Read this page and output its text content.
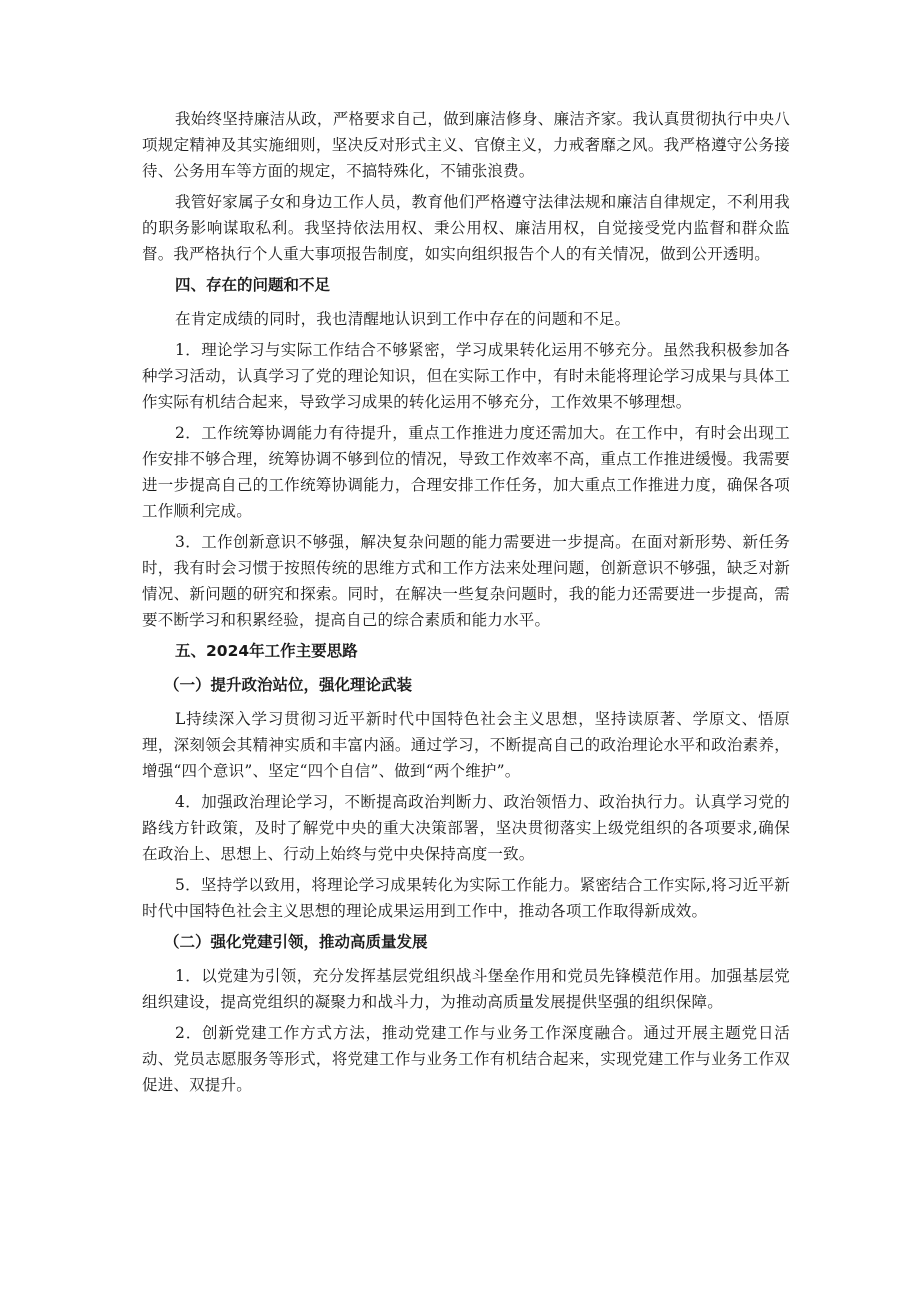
我始终坚持廉洁从政，严格要求自己，做到廉洁修身、廉洁齐家。我认真贯彻执行中央八项规定精神及其实施细则，坚决反对形式主义、官僚主义，力戒奢靡之风。我严格遵守公务接待、公务用车等方面的规定，不搞特殊化，不铺张浪费。

我管好家属子女和身边工作人员，教育他们严格遵守法律法规和廉洁自律规定，不利用我的职务影响谋取私利。我坚持依法用权、秉公用权、廉洁用权，自觉接受党内监督和群众监督。我严格执行个人重大事项报告制度，如实向组织报告个人的有关情况，做到公开透明。

四、存在的问题和不足

在肯定成绩的同时，我也清醒地认识到工作中存在的问题和不足。

1．理论学习与实际工作结合不够紧密，学习成果转化运用不够充分。虽然我积极参加各种学习活动，认真学习了党的理论知识，但在实际工作中，有时未能将理论学习成果与具体工作实际有机结合起来，导致学习成果的转化运用不够充分，工作效果不够理想。

2．工作统筹协调能力有待提升，重点工作推进力度还需加大。在工作中，有时会出现工作安排不够合理，统筹协调不够到位的情况，导致工作效率不高，重点工作推进缓慢。我需要进一步提高自己的工作统筹协调能力，合理安排工作任务，加大重点工作推进力度，确保各项工作顺利完成。

3．工作创新意识不够强，解决复杂问题的能力需要进一步提高。在面对新形势、新任务时，我有时会习惯于按照传统的思维方式和工作方法来处理问题，创新意识不够强，缺乏对新情况、新问题的研究和探索。同时，在解决一些复杂问题时，我的能力还需要进一步提高，需要不断学习和积累经验，提高自己的综合素质和能力水平。

五、2024年工作主要思路

（一）提升政治站位，强化理论武装

L持续深入学习贯彻习近平新时代中国特色社会主义思想，坚持读原著、学原文、悟原理，深刻领会其精神实质和丰富内涵。通过学习，不断提高自己的政治理论水平和政治素养，增强“四个意识”、坚定“四个自信”、做到“两个维护”。

4．加强政治理论学习，不断提高政治判断力、政治领悟力、政治执行力。认真学习党的路线方针政策，及时了解党中央的重大决策部署，坚决贯彻落实上级党组织的各项要求,确保在政治上、思想上、行动上始终与党中央保持高度一致。

5．坚持学以致用，将理论学习成果转化为实际工作能力。紧密结合工作实际,将习近平新时代中国特色社会主义思想的理论成果运用到工作中，推动各项工作取得新成效。

（二）强化党建引领，推动高质量发展

1．以党建为引领，充分发挥基层党组织战斗堡垒作用和党员先锋模范作用。加强基层党组织建设，提高党组织的凝聚力和战斗力，为推动高质量发展提供坚强的组织保障。

2．创新党建工作方式方法，推动党建工作与业务工作深度融合。通过开展主题党日活动、党员志愿服务等形式，将党建工作与业务工作有机结合起来，实现党建工作与业务工作双促进、双提升。
